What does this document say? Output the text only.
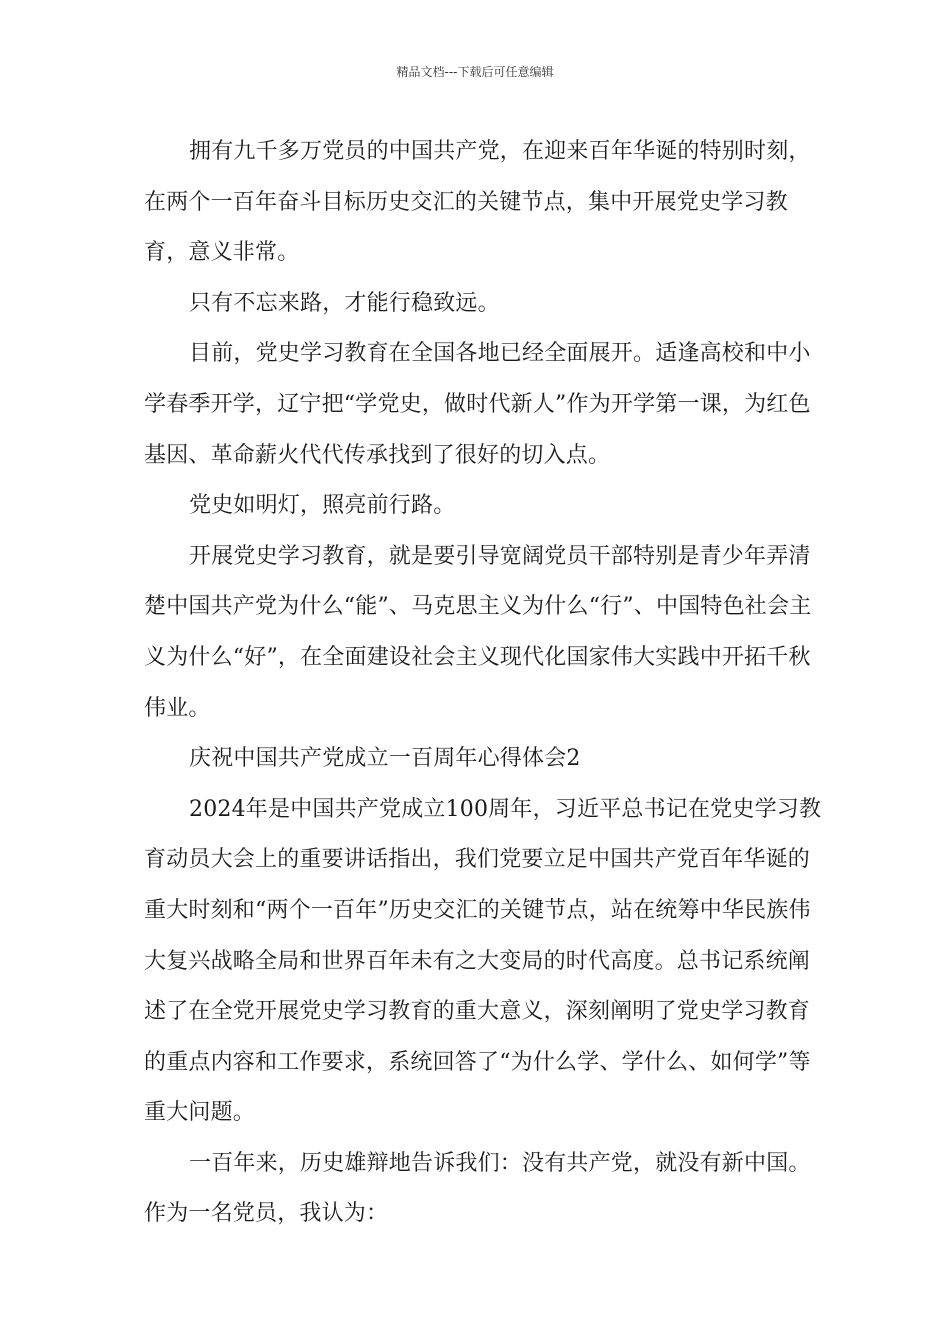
精品文档---下载后可任意编辑

拥有九千多万党员的中国共产党，在迎来百年华诞的特别时刻，在两个一百年奋斗目标历史交汇的关键节点，集中开展党史学习教育，意义非常。

只有不忘来路，才能行稳致远。

目前，党史学习教育在全国各地已经全面展开。适逢高校和中小学春季开学，辽宁把“学党史，做时代新人”作为开学第一课，为红色基因、革命薪火代代传承找到了很好的切入点。

党史如明灯，照亮前行路。

开展党史学习教育，就是要引导宽阔党员干部特别是青少年弄清楚中国共产党为什么“能”、马克思主义为什么“行”、中国特色社会主义为什么“好”，在全面建设社会主义现代化国家伟大实践中开拓千秋伟业。

庆祝中国共产党成立一百周年心得体会2

2024年是中国共产党成立100周年，习近平总书记在党史学习教育动员大会上的重要讲话指出，我们党要立足中国共产党百年华诞的重大时刻和“两个一百年”历史交汇的关键节点，站在统筹中华民族伟大复兴战略全局和世界百年未有之大变局的时代高度。总书记系统阐述了在全党开展党史学习教育的重大意义，深刻阐明了党史学习教育的重点内容和工作要求，系统回答了“为什么学、学什么、如何学”等重大问题。

一百年来，历史雄辩地告诉我们：没有共产党，就没有新中国。作为一名党员，我认为：
